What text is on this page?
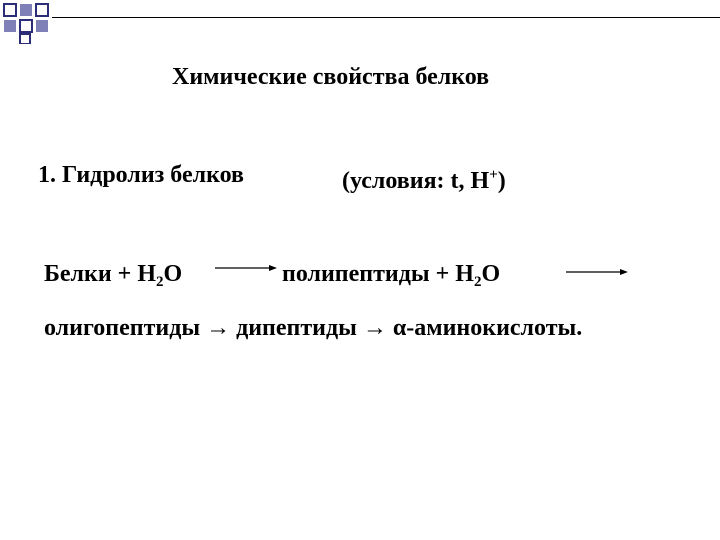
Химические свойства белков
1. Гидролиз белков	(условия: t, H+)
Белки + $H_2O$ → полипептиды + $H_2O$
олигопептиды → дипептиды → α-аминокислоты.
